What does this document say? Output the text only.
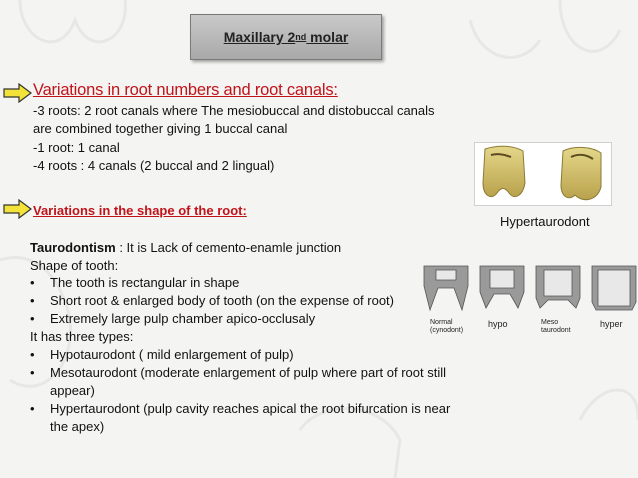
Maxillary 2 nd molar
Variations in root numbers and root canals:
-3 roots: 2 root canals where The mesiobuccal and distobuccal canals
are combined together giving 1 buccal canal
-1 root: 1 canal
-4 roots : 4 canals (2 buccal and 2 lingual)
Variations in the shape of the root:
Taurodontism : It is Lack of cemento-enamle junction
Shape of tooth:
• The tooth is rectangular in shape
• Short root & enlarged body of tooth (on the expense of root)
• Extremely large pulp chamber apico-occlusaly
It has three types:
• Hypotaurodont ( mild enlargement of pulp)
• Mesotaurodont (moderate enlargement of pulp where part of root still
appear)
• Hypertaurodont (pulp cavity reaches apical the root bifurcation is near
the apex)
Hypertaurodont
Normal
(cynodont)
hypo	Meso
taurodont
hyper
